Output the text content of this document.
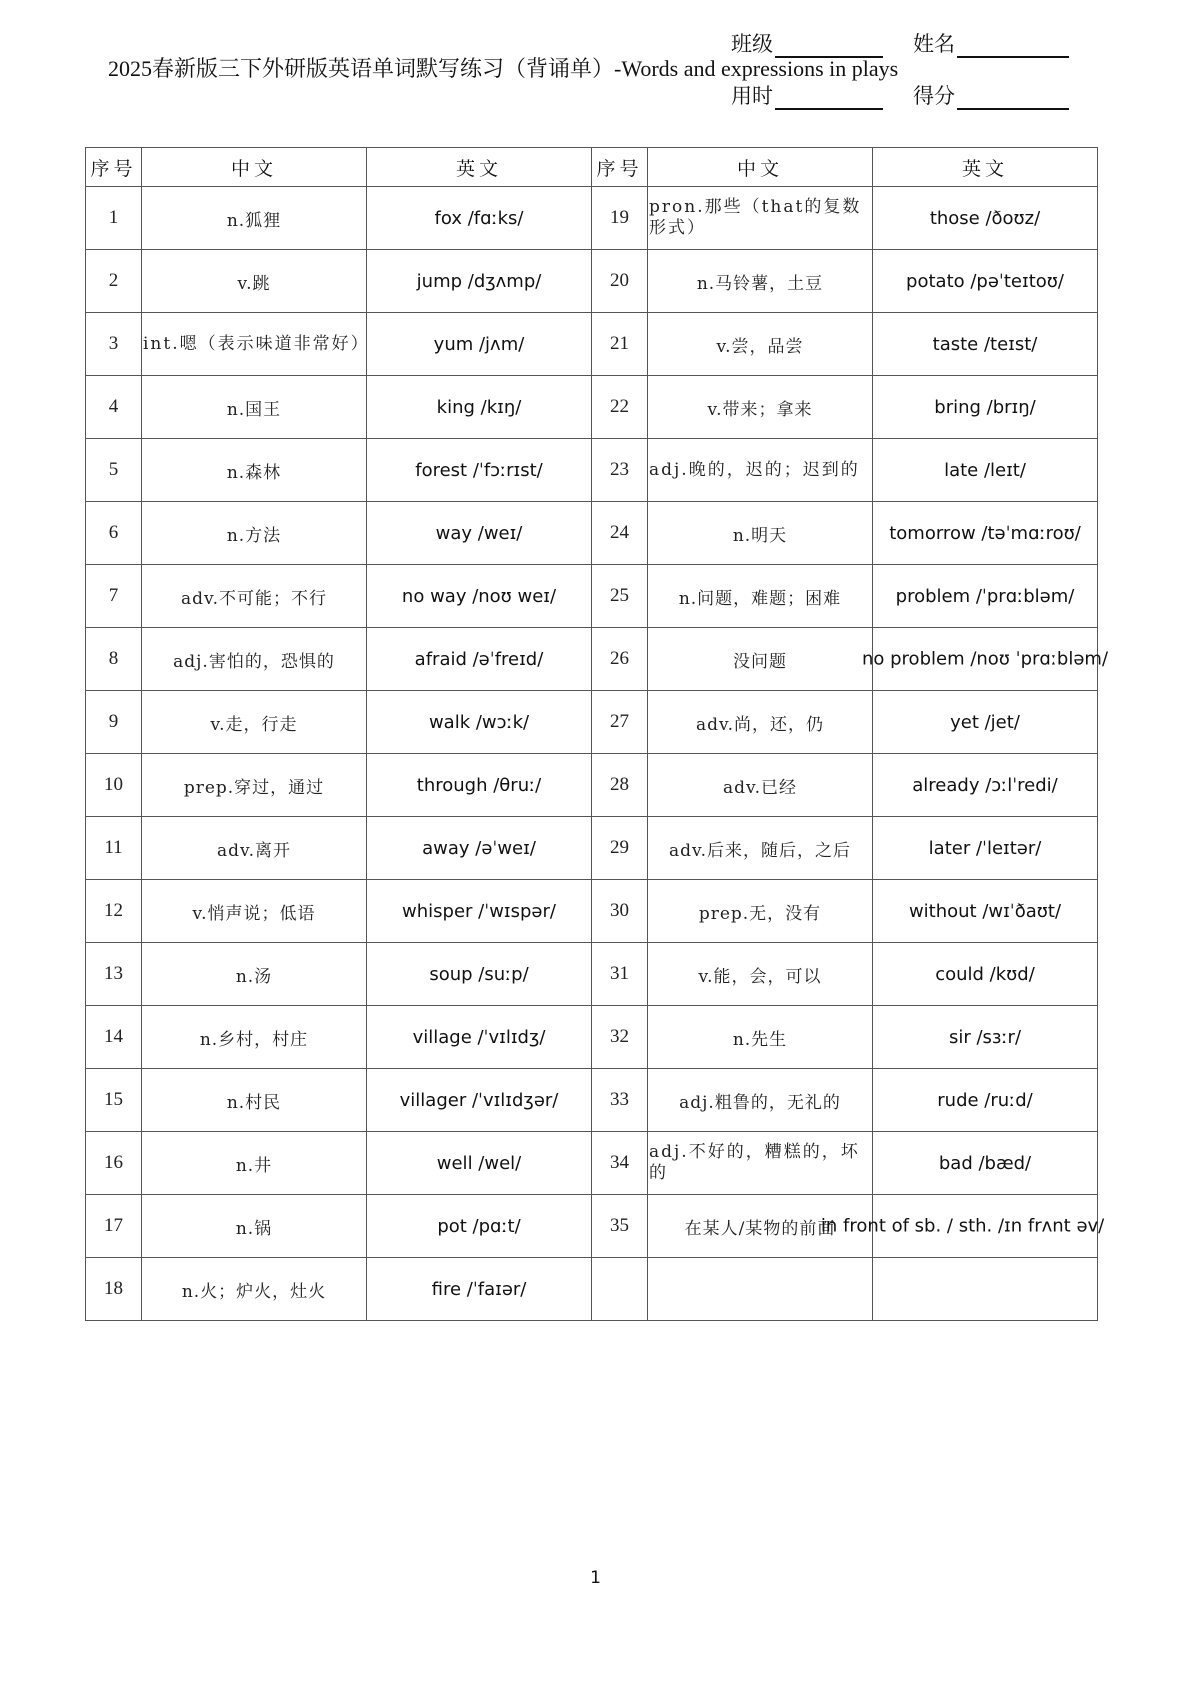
2025春新版三下外研版英语单词默写练习（背诵单）-Words and expressions in plays
班级	姓名
用时	得分
序号	中文	英文	序号	中文	英文
1	n.狐狸	fox /fɑːks/	19	pron.那些（that的复数形式）	those /ðoʊz/
2	v.跳	jump /dʒʌmp/	20	n.马铃薯，土豆	potato /pəˈteɪtoʊ/
3	int.嗯（表示味道非常好）	yum /jʌm/	21	v.尝，品尝	taste /teɪst/
4	n.国王	king /kɪŋ/	22	v.带来；拿来	bring /brɪŋ/
5	n.森林	forest /ˈfɔːrɪst/	23	adj.晚的，迟的；迟到的	late /leɪt/
6	n.方法	way /weɪ/	24	n.明天	tomorrow /təˈmɑːroʊ/
7	adv.不可能；不行	no way /noʊ weɪ/	25	n.问题，难题；困难	problem /ˈprɑːbləm/
8	adj.害怕的，恐惧的	afraid /əˈfreɪd/	26	没问题	no problem /noʊ ˈprɑːbləm/

9	v.走，行走	walk /wɔːk/	27	adv.尚，还，仍	yet /jet/
10	prep.穿过，通过	through /θruː/	28	adv.已经	already /ɔːlˈredi/
11	adv.离开	away /əˈweɪ/	29	adv.后来，随后，之后	later /ˈleɪtər/
12	v.悄声说；低语	whisper /ˈwɪspər/	30	prep.无，没有	without /wɪˈðaʊt/
13	n.汤	soup /suːp/	31	v.能，会，可以	could /kʊd/
14	n.乡村，村庄	village /ˈvɪlɪdʒ/	32	n.先生	sir /sɜːr/
15	n.村民	villager /ˈvɪlɪdʒər/	33	adj.粗鲁的，无礼的	rude /ruːd/
16	n.井	well /wel/	34	adj.不好的，糟糕的，坏的	bad /bæd/
17	n.锅	pot /pɑːt/	35	在某人/某物的前面	in front of sb. / sth. /ɪn frʌnt əv/

18	n.火；炉火，灶火	fire /ˈfaɪər/			
1
